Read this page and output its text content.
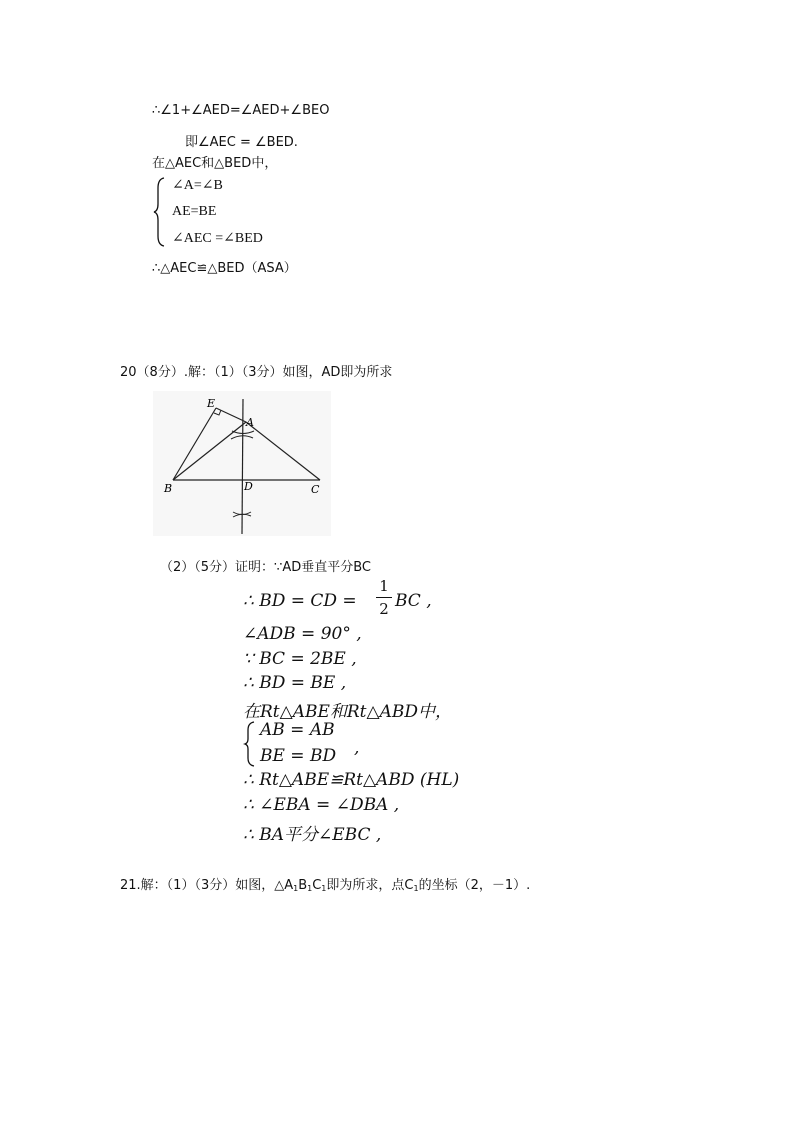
∴∠1+∠AED=∠AED+∠BEO
即∠AEC = ∠BED.
在△AEC和△BED中，
∠A=∠B
AE=BE
∠AEC =∠BED
∴△AEC≌△BED（ASA）
20（8分）.解：（1）（3分）如图，AD即为所求
E
A
B	D	C
（2）（5分）证明：∵AD垂直平分BC
∴ BD = CD =
1
2 BC ,
∠ADB = 90° ,
∵ BC = 2BE ,
∴ BD = BE ,
在Rt△ABE和Rt△ABD中，
AB = AB
BE = BD ,
∴ Rt△ABE≌Rt△ABD (HL)
∴ ∠EBA = ∠DBA ,
∴ BA平分∠EBC ,
21.解：（1）（3分）如图，$\triangle A_1B_1C_1$即为所求，点$C_1$的坐标（2，－1）.
